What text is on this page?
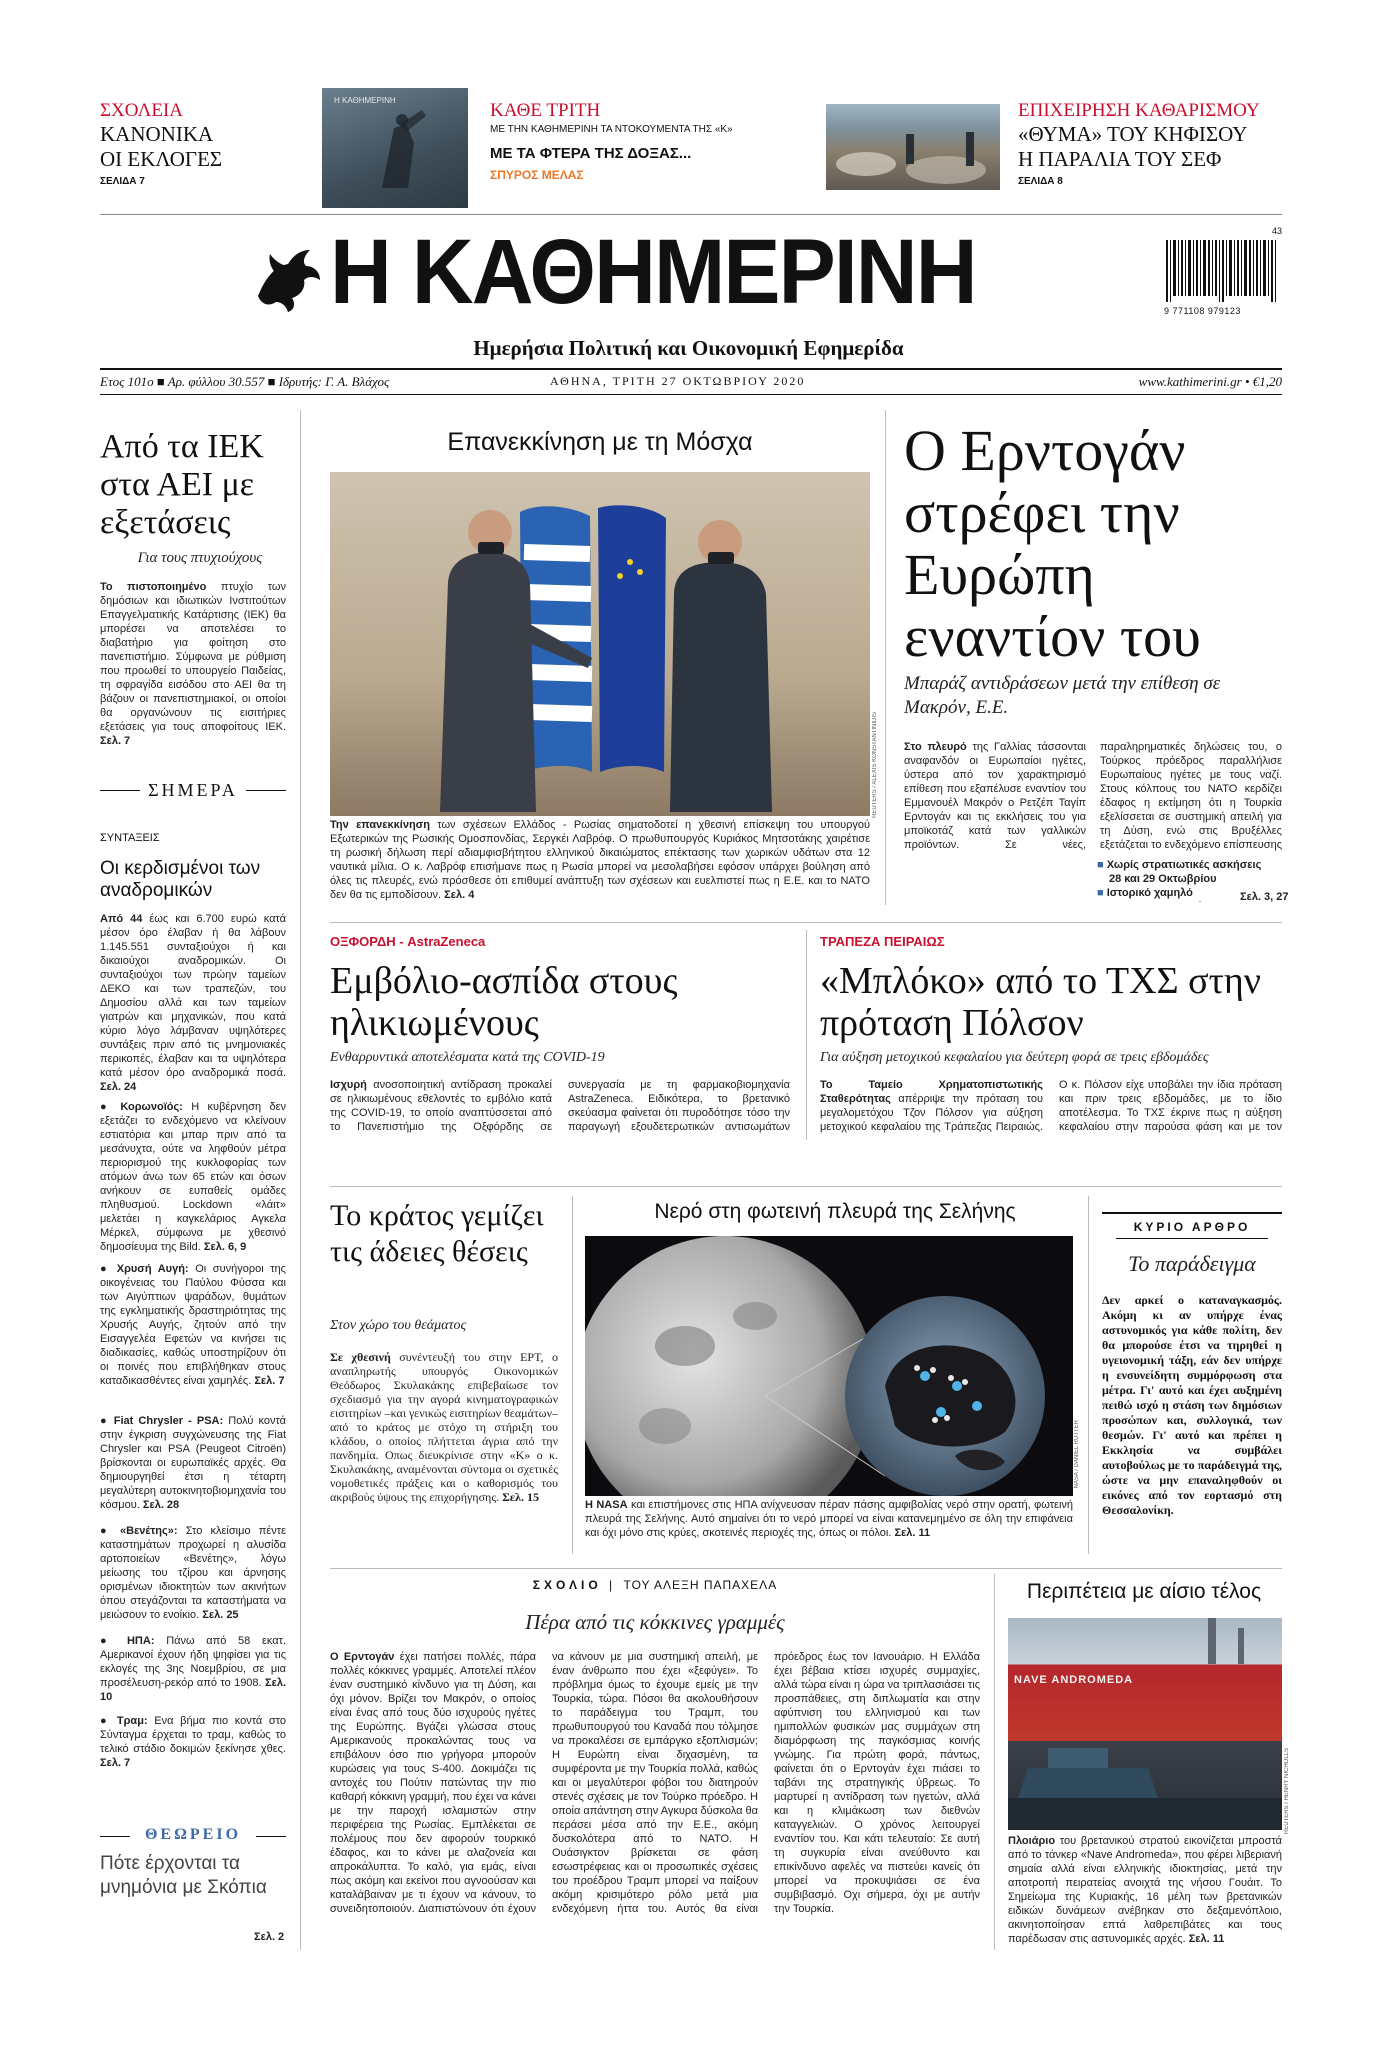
ΣΧΟΛΕΙΑ
ΚΑΝΟΝΙΚΑ
ΟΙ ΕΚΛΟΓΕΣ
ΣΕΛΙΔΑ 7
Η ΚΑΘΗΜΕΡΙΝΗ	ΚΑΘΕ ΤΡΙΤΗ
ΜΕ ΤΗΝ ΚΑΘΗΜΕΡΙΝΗ ΤΑ ΝΤΟΚΟΥΜΕΝΤΑ ΤΗΣ «Κ»
ΜΕ ΤΑ ΦΤΕΡΑ ΤΗΣ ΔΟΞΑΣ...
ΣΠΥΡΟΣ ΜΕΛΑΣ
ΕΠΙΧΕΙΡΗΣΗ ΚΑΘΑΡΙΣΜΟΥ
«ΘΥΜΑ» ΤΟΥ ΚΗΦΙΣΟΥ
Η ΠΑΡΑΛΙΑ ΤΟΥ ΣΕΦ
ΣΕΛΙΔΑ 8
Η ΚΑΘΗΜΕΡΙΝΗ	9 771108 979123
43
Ημερήσια Πολιτική και Οικονομική Εφημερίδα
Ετος 101ο ■ Αρ. φύλλου 30.557 ■ Ιδρυτής: Γ. Α. Βλάχος	ΑΘΗΝΑ, ΤΡΙΤΗ 27 ΟΚΤΩΒΡΙΟΥ 2020	www.kathimerini.gr • €1,20
Από τα ΙΕΚ στα ΑΕΙ με εξετάσεις
Για τους πτυχιούχους
Το πιστοποιημένο πτυχίο των δημόσιων και ιδιωτικών Ινστιτούτων Επαγγελματικής Κατάρτισης (ΙΕΚ) θα μπορέσει να αποτελέσει το διαβατήριο για φοίτηση στο πανεπιστήμιο. Σύμφωνα με ρύθμιση που προωθεί το υπουργείο Παιδείας, τη σφραγίδα εισόδου στο ΑΕΙ θα τη βάζουν οι πανεπιστημιακοί, οι οποίοι θα οργανώνουν τις εισιτήριες εξετάσεις για τους αποφοίτους ΙΕΚ. Σελ. 7
ΣΗΜΕΡΑ
ΣΥΝΤΑΞΕΙΣ
Οι κερδισμένοι των αναδρομικών
Από 44 έως και 6.700 ευρώ κατά μέσον όρο έλαβαν ή θα λάβουν 1.145.551 συνταξιούχοι ή και δικαιούχοι αναδρομικών. Οι συνταξιούχοι των πρώην ταμείων ΔΕΚΟ και των τραπεζών, του Δημοσίου αλλά και των ταμείων γιατρών και μηχανικών, που κατά κύριο λόγο λάμβαναν υψηλότερες συντάξεις πριν από τις μνημονιακές περικοπές, έλαβαν και τα υψηλότερα κατά μέσον όρο αναδρομικά ποσά. Σελ. 24
● Κορωνοϊός: Η κυβέρνηση δεν εξετάζει το ενδεχόμενο να κλείνουν εστιατόρια και μπαρ πριν από τα μεσάνυχτα, ούτε να ληφθούν μέτρα περιορισμού της κυκλοφορίας των ατόμων άνω των 65 ετών και όσων ανήκουν σε ευπαθείς ομάδες πληθυσμού. Lockdown «λάιτ» μελετάει η καγκελάριος Αγκελα Μέρκελ, σύμφωνα με χθεσινό δημοσίευμα της Bild. Σελ. 6, 9
● Χρυσή Αυγή: Οι συνήγοροι της οικογένειας του Παύλου Φύσσα και των Αιγύπτιων ψαράδων, θυμάτων της εγκληματικής δραστηριότητας της Χρυσής Αυγής, ζητούν από την Εισαγγελέα Εφετών να κινήσει τις διαδικασίες, καθώς υποστηρίζουν ότι οι ποινές που επιβλήθηκαν στους καταδικασθέντες είναι χαμηλές. Σελ. 7
● Fiat Chrysler - PSA: Πολύ κοντά στην έγκριση συγχώνευσης της Fiat Chrysler και PSA (Peugeot Citroën) βρίσκονται οι ευρωπαϊκές αρχές. Θα δημιουργηθεί έτσι η τέταρτη μεγαλύτερη αυτοκινητοβιομηχανία του κόσμου. Σελ. 28
● «Βενέτης»: Στο κλείσιμο πέντε καταστημάτων προχωρεί η αλυσίδα αρτοποιείων «Βενέτης», λόγω μείωσης του τζίρου και άρνησης ορισμένων ιδιοκτητών των ακινήτων όπου στεγάζονται τα καταστήματα να μειώσουν το ενοίκιο. Σελ. 25
● ΗΠΑ: Πάνω από 58 εκατ. Αμερικανοί έχουν ήδη ψηφίσει για τις εκλογές της 3ης Νοεμβρίου, σε μια προσέλευση-ρεκόρ από το 1908. Σελ. 10
● Τραμ: Ενα βήμα πιο κοντά στο Σύνταγμα έρχεται το τραμ, καθώς το τελικό στάδιο δοκιμών ξεκίνησε χθες. Σελ. 7
ΘΕΩΡΕΙΟ
Πότε έρχονται τα μνημόνια με Σκόπια
Σελ. 2
Επανεκκίνηση με τη Μόσχα
REUTERS / ALEXIS KONSTANTINIDIS
Την επανεκκίνηση των σχέσεων Ελλάδος - Ρωσίας σηματοδοτεί η χθεσινή επίσκεψη του υπουργού Εξωτερικών της Ρωσικής Ομοσπονδίας, Σεργκέι Λαβρόφ. Ο πρωθυπουργός Κυριάκος Μητσοτάκης χαιρέτισε τη ρωσική δήλωση περί αδιαμφισβήτητου ελληνικού δικαιώματος επέκτασης των χωρικών υδάτων στα 12 ναυτικά μίλια. Ο κ. Λαβρόφ επισήμανε πως η Ρωσία μπορεί να μεσολαβήσει εφόσον υπάρχει βούληση από όλες τις πλευρές, ενώ πρόσθεσε ότι επιθυμεί ανάπτυξη των σχέσεων και ευελπιστεί πως η Ε.Ε. και το ΝΑΤΟ δεν θα τις εμποδίσουν. Σελ. 4
Ο Ερντογάν στρέφει την Ευρώπη εναντίον του
Μπαράζ αντιδράσεων μετά την επίθεση σε Μακρόν, Ε.Ε.
Στο πλευρό της Γαλλίας τάσσονται αναφανδόν οι Ευρωπαίοι ηγέτες, ύστερα από τον χαρακτηρισμό επίθεση που εξαπέλυσε εναντίον του Εμμανουέλ Μακρόν ο Ρετζέπ Ταγίπ Ερντογάν και τις εκκλήσεις του για μποϊκοτάζ κατά των γαλλικών προϊόντων. Σε νέες, παραληρηματικές δηλώσεις του, ο Τούρκος πρόεδρος παραλλήλισε Ευρωπαίους ηγέτες με τους ναζί. Στους κόλπους του ΝΑΤΟ κερδίζει έδαφος η εκτίμηση ότι η Τουρκία εξελίσσεται σε συστημική απειλή για τη Δύση, ενώ στις Βρυξέλλες εξετάζεται το ενδεχόμενο επίσπευσης
■ Χωρίς στρατιωτικές ασκήσεις
28 και 29 Οκτωβρίου
■ Ιστορικό χαμηλό	Σελ. 3, 27
ΟΞΦΟΡΔΗ - AstraZeneca
Εμβόλιο-ασπίδα στους ηλικιωμένους
Ενθαρρυντικά αποτελέσματα κατά της COVID-19
Ισχυρή ανοσοποιητική αντίδραση προκαλεί σε ηλικιωμένους εθελοντές το εμβόλιο κατά της COVID-19, το οποίο αναπτύσσεται από το Πανεπιστήμιο της Οξφόρδης σε συνεργασία με τη φαρμακοβιομηχανία AstraZeneca. Ειδικότερα, το βρετανικό σκεύασμα φαίνεται ότι πυροδότησε τόσο την παραγωγή εξουδετερωτικών αντισωμάτων
ΤΡΑΠΕΖΑ ΠΕΙΡΑΙΩΣ
«Μπλόκο» από το ΤΧΣ στην πρόταση Πόλσον
Για αύξηση μετοχικού κεφαλαίου για δεύτερη φορά σε τρεις εβδομάδες
Το Ταμείο Χρηματοπιστωτικής Σταθερότητας απέρριψε την πρόταση του μεγαλομετόχου Τζον Πόλσον για αύξηση μετοχικού κεφαλαίου της Τράπεζας Πειραιώς. Ο κ. Πόλσον είχε υποβάλει την ίδια πρόταση και πριν τρεις εβδομάδες, με το ίδιο αποτέλεσμα. Το ΤΧΣ έκρινε πως η αύξηση κεφαλαίου στην παρούσα φάση και με τον
Το κράτος γεμίζει τις άδειες θέσεις
Στον χώρο του θεάματος
Σε χθεσινή συνέντευξή του στην ΕΡΤ, ο αναπληρωτής υπουργός Οικονομικών Θεόδωρος Σκυλακάκης επιβεβαίωσε τον σχεδιασμό για την αγορά κινηματογραφικών εισιτηρίων –και γενικώς εισιτηρίων θεαμάτων– από το κράτος με στόχο τη στήριξη του κλάδου, ο οποίος πλήττεται άγρια από την πανδημία. Οπως διευκρίνισε στην «Κ» ο κ. Σκυλακάκης, αναμένονται σύντομα οι σχετικές νομοθετικές πράξεις και ο καθορισμός του ακριβούς ύψους της επιχορήγησης. Σελ. 15
Νερό στη φωτεινή πλευρά της Σελήνης
NASA / DANIEL RUTTER
Η NASA και επιστήμονες στις ΗΠΑ ανίχνευσαν πέραν πάσης αμφιβολίας νερό στην ορατή, φωτεινή πλευρά της Σελήνης. Αυτό σημαίνει ότι το νερό μπορεί να είναι κατανεμημένο σε όλη την επιφάνεια και όχι μόνο στις κρύες, σκοτεινές περιοχές της, όπως οι πόλοι. Σελ. 11
ΚΥΡΙΟ ΑΡΘΡΟ
Το παράδειγμα
Δεν αρκεί ο καταναγκασμός. Ακόμη κι αν υπήρχε ένας αστυνομικός για κάθε πολίτη, δεν θα μπορούσε έτσι να τηρηθεί η υγειονομική τάξη, εάν δεν υπήρχε η ενσυνείδητη συμμόρφωση στα μέτρα. Γι' αυτό και έχει αυξημένη πειθώ ισχύ η στάση των δημόσιων προσώπων και, συλλογικά, των θεσμών. Γι' αυτό και πρέπει η Εκκλησία να συμβάλει αυτοβούλως με το παράδειγμά της, ώστε να μην επαναληφθούν οι εικόνες από τον εορτασμό στη Θεσσαλονίκη.
ΣΧΟΛΙΟ | ΤΟΥ ΑΛΕΞΗ ΠΑΠΑΧΕΛΑ
Πέρα από τις κόκκινες γραμμές
Ο Ερντογάν έχει πατήσει πολλές, πάρα πολλές κόκκινες γραμμές. Αποτελεί πλέον έναν συστημικό κίνδυνο για τη Δύση, και όχι μόνον. Βρίζει τον Μακρόν, ο οποίος είναι ένας από τους δύο ισχυρούς ηγέτες της Ευρώπης. Βγάζει γλώσσα στους Αμερικανούς προκαλώντας τους να επιβάλουν όσο πιο γρήγορα μπορούν κυρώσεις για τους S-400. Δοκιμάζει τις αντοχές του Πούτιν πατώντας την πιο καθαρή κόκκινη γραμμή, που έχει να κάνει με την παροχή ισλαμιστών στην περιφέρεια της Ρωσίας. Εμπλέκεται σε πολέμους που δεν αφορούν τουρκικό έδαφος, και το κάνει με αλαζονεία και απροκάλυπτα. Το καλό, για εμάς, είναι πως ακόμη και εκείνοι που αγνοούσαν και καταλάβαιναν με τι έχουν να κάνουν, το συνειδητοποιούν. Διαπιστώνουν ότι έχουν να κάνουν με μια συστημική απειλή, με έναν άνθρωπο που έχει «ξεφύγει». Το πρόβλημα όμως το έχουμε εμείς με την Τουρκία, τώρα. Πόσοι θα ακολουθήσουν το παράδειγμα του Τραμπ, του πρωθυπουργού του Καναδά που τόλμησε να προκαλέσει σε εμπάργκο εξοπλισμών; Η Ευρώπη είναι διχασμένη, τα συμφέροντα με την Τουρκία πολλά, καθώς και οι μεγαλύτεροι φόβοι του διατηρούν στενές σχέσεις με τον Τούρκο πρόεδρο. Η οποία απάντηση στην Αγκυρα δύσκολα θα περάσει μέσα από την Ε.Ε., ακόμη δυσκολότερα από το ΝΑΤΟ. Η Ουάσιγκτον βρίσκεται σε φάση εσωστρέφειας και οι προσωπικές σχέσεις του προέδρου Τραμπ μπορεί να παίξουν ακόμη κρισιμότερο ρόλο μετά μια ενδεχόμενη ήττα του. Αυτός θα είναι πρόεδρος έως τον Ιανουάριο. Η Ελλάδα έχει βέβαια κτίσει ισχυρές συμμαχίες, αλλά τώρα είναι η ώρα να τριπλασιάσει τις προσπάθειες, στη διπλωματία και στην αφύπνιση του ελληνισμού και των ημιπολλών φυσικών μας συμμάχων στη διαμόρφωση της παγκόσμιας κοινής γνώμης. Για πρώτη φορά, πάντως, φαίνεται ότι ο Ερντογάν έχει πιάσει το ταβάνι της στρατηγικής ύβρεως. Το μαρτυρεί η αντίδραση των ηγετών, αλλά και η κλιμάκωση των διεθνών καταγγελιών. Ο χρόνος λειτουργεί εναντίον του. Και κάτι τελευταίο: Σε αυτή τη συγκυρία είναι ανεύθυντο και επικίνδυνο αφελές να πιστεύει κανείς ότι μπορεί να προκυψιάσει σε ένα συμβιβασμό. Οχι σήμερα, όχι με αυτήν την Τουρκία.
Περιπέτεια με αίσιο τέλος
NAVE ANDROMEDA
REUTERS / HENRY NICHOLLS
Πλοιάριο του βρετανικού στρατού εικονίζεται μπροστά από το τάνκερ «Nave Andromeda», που φέρει λιβεριανή σημαία αλλά είναι ελληνικής ιδιοκτησίας, μετά την αποτροπή πειρατείας ανοιχτά της νήσου Γουάιτ. Το Σημείωμα της Κυριακής, 16 μέλη των βρετανικών ειδικών δυνάμεων ανέβηκαν στο δεξαμενόπλοιο, ακινητοποίησαν επτά λαθρεπιβάτες και τους παρέδωσαν στις αστυνομικές αρχές. Σελ. 11
